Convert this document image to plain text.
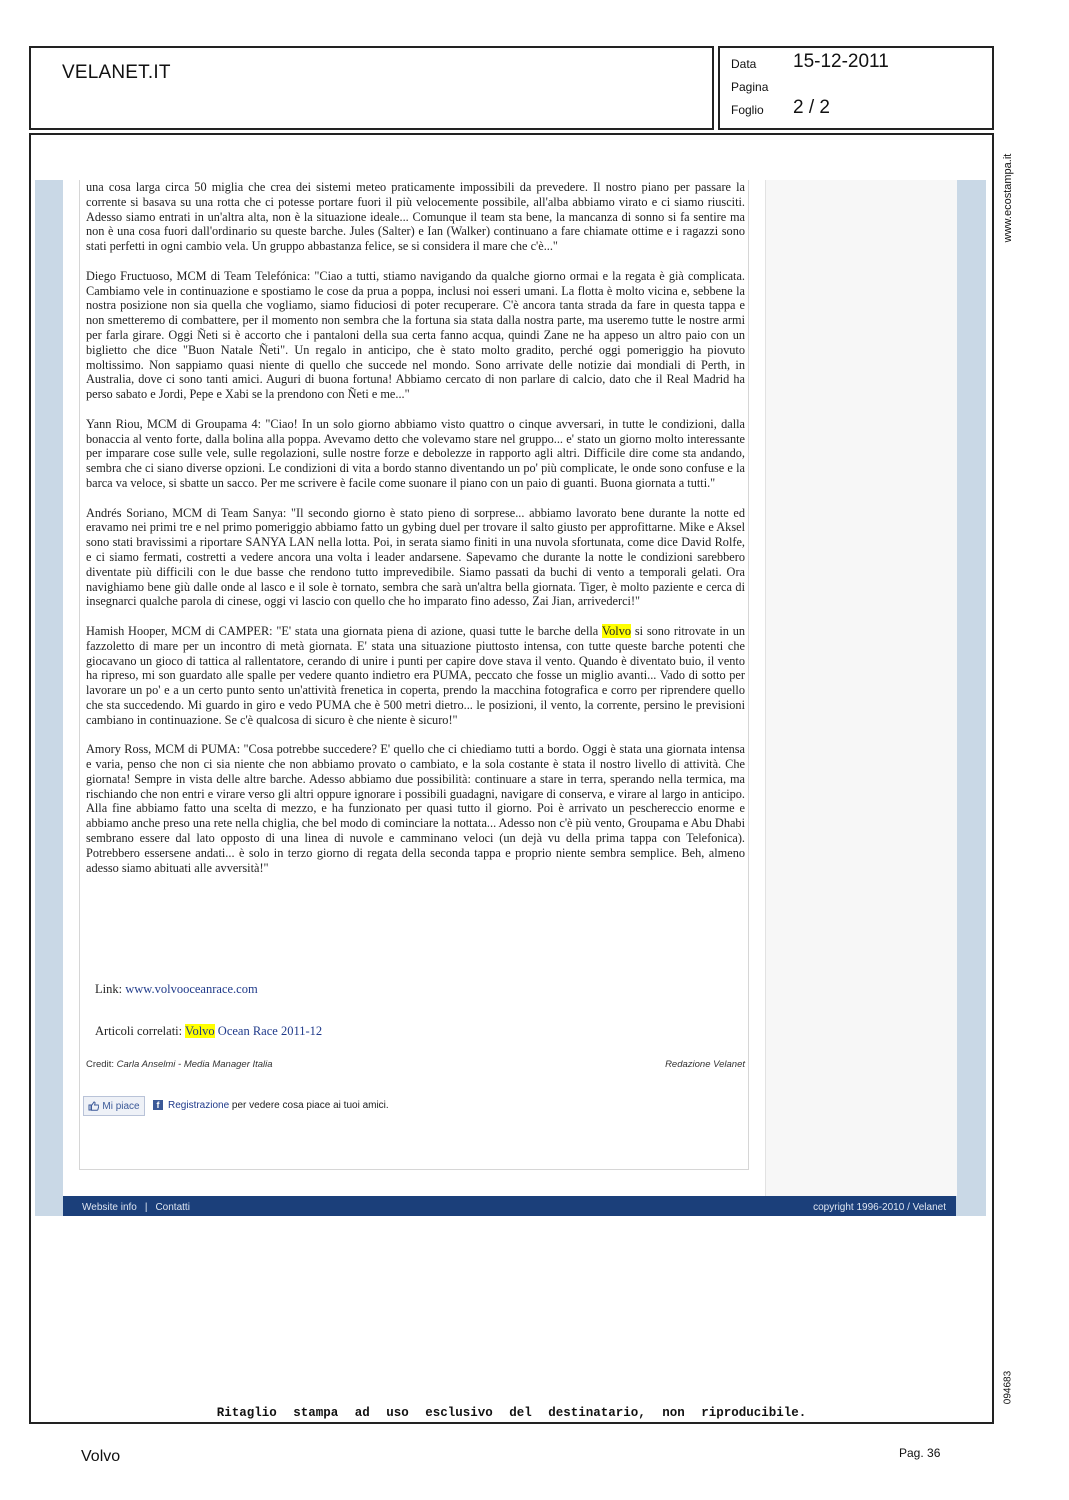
VELANET.IT	Data 15-12-2011
Pagina
Foglio 2 / 2
www.ecostampa.it
094683

una cosa larga circa 50 miglia che crea dei sistemi meteo praticamente impossibili da prevedere. Il nostro piano per passare la corrente si basava su una rotta che ci potesse portare fuori il più velocemente possibile, all'alba abbiamo virato e ci siamo riusciti. Adesso siamo entrati in un'altra alta, non è la situazione ideale... Comunque il team sta bene, la mancanza di sonno si fa sentire ma non è una cosa fuori dall'ordinario su queste barche. Jules (Salter) e Ian (Walker) continuano a fare chiamate ottime e i ragazzi sono stati perfetti in ogni cambio vela. Un gruppo abbastanza felice, se si considera il mare che c'è..."

Diego Fructuoso, MCM di Team Telefónica: "Ciao a tutti, stiamo navigando da qualche giorno ormai e la regata è già complicata. Cambiamo vele in continuazione e spostiamo le cose da prua a poppa, inclusi noi esseri umani. La flotta è molto vicina e, sebbene la nostra posizione non sia quella che vogliamo, siamo fiduciosi di poter recuperare. C'è ancora tanta strada da fare in questa tappa e non smetteremo di combattere, per il momento non sembra che la fortuna sia stata dalla nostra parte, ma useremo tutte le nostre armi per farla girare. Oggi Ñeti si è accorto che i pantaloni della sua certa fanno acqua, quindi Zane ne ha appeso un altro paio con un biglietto che dice "Buon Natale Ñeti". Un regalo in anticipo, che è stato molto gradito, perché oggi pomeriggio ha piovuto moltissimo. Non sappiamo quasi niente di quello che succede nel mondo. Sono arrivate delle notizie dai mondiali di Perth, in Australia, dove ci sono tanti amici. Auguri di buona fortuna! Abbiamo cercato di non parlare di calcio, dato che il Real Madrid ha perso sabato e Jordi, Pepe e Xabi se la prendono con Ñeti e me..."

Yann Riou, MCM di Groupama 4: "Ciao! In un solo giorno abbiamo visto quattro o cinque avversari, in tutte le condizioni, dalla bonaccia al vento forte, dalla bolina alla poppa. Avevamo detto che volevamo stare nel gruppo... e' stato un giorno molto interessante per imparare cose sulle vele, sulle regolazioni, sulle nostre forze e debolezze in rapporto agli altri. Difficile dire come sta andando, sembra che ci siano diverse opzioni. Le condizioni di vita a bordo stanno diventando un po' più complicate, le onde sono confuse e la barca va veloce, si sbatte un sacco. Per me scrivere è facile come suonare il piano con un paio di guanti. Buona giornata a tutti."

Andrés Soriano, MCM di Team Sanya: "Il secondo giorno è stato pieno di sorprese... abbiamo lavorato bene durante la notte ed eravamo nei primi tre e nel primo pomeriggio abbiamo fatto un gybing duel per trovare il salto giusto per approfittarne. Mike e Aksel sono stati bravissimi a riportare SANYA LAN nella lotta. Poi, in serata siamo finiti in una nuvola sfortunata, come dice David Rolfe, e ci siamo fermati, costretti a vedere ancora una volta i leader andarsene. Sapevamo che durante la notte le condizioni sarebbero diventate più difficili con le due basse che rendono tutto imprevedibile. Siamo passati da buchi di vento a temporali gelati. Ora navighiamo bene giù dalle onde al lasco e il sole è tornato, sembra che sarà un'altra bella giornata. Tiger, è molto paziente e cerca di insegnarci qualche parola di cinese, oggi vi lascio con quello che ho imparato fino adesso, Zai Jian, arrivederci!"

Hamish Hooper, MCM di CAMPER: "E' stata una giornata piena di azione, quasi tutte le barche della Volvo si sono ritrovate in un fazzoletto di mare per un incontro di metà giornata. E' stata una situazione piuttosto intensa, con tutte queste barche potenti che giocavano un gioco di tattica al rallentatore, cerando di unire i punti per capire dove stava il vento. Quando è diventato buio, il vento ha ripreso, mi son guardato alle spalle per vedere quanto indietro era PUMA, peccato che fosse un miglio avanti... Vado di sotto per lavorare un po' e a un certo punto sento un'attività frenetica in coperta, prendo la macchina fotografica e corro per riprendere quello che sta succedendo. Mi guardo in giro e vedo PUMA che è 500 metri dietro... le posizioni, il vento, la corrente, persino le previsioni cambiano in continuazione. Se c'è qualcosa di sicuro è che niente è sicuro!"

Amory Ross, MCM di PUMA: "Cosa potrebbe succedere? E' quello che ci chiediamo tutti a bordo. Oggi è stata una giornata intensa e varia, penso che non ci sia niente che non abbiamo provato o cambiato, e la sola costante è stata il nostro livello di attività. Che giornata! Sempre in vista delle altre barche. Adesso abbiamo due possibilità: continuare a stare in terra, sperando nella termica, ma rischiando che non entri e virare verso gli altri oppure ignorare i possibili guadagni, navigare di conserva, e virare al largo in anticipo. Alla fine abbiamo fatto una scelta di mezzo, e ha funzionato per quasi tutto il giorno. Poi è arrivato un peschereccio enorme e abbiamo anche preso una rete nella chiglia, che bel modo di cominciare la nottata... Adesso non c'è più vento, Groupama e Abu Dhabi sembrano essere dal lato opposto di una linea di nuvole e camminano veloci (un dejà vu della prima tappa con Telefonica). Potrebbero essersene andati... è solo in terzo giorno di regata della seconda tappa e proprio niente sembra semplice. Beh, almeno adesso siamo abituati alle avversità!"

Link: www.volvooceanrace.com
Articoli correlati: Volvo Ocean Race 2011-12
Credit: Carla Anselmi - Media Manager Italia	Redazione Velanet
Mi piace	f Registrazione per vedere cosa piace ai tuoi amici.
Website info | Contatti	copyright 1996-2010 / Velanet
Ritaglio stampa ad uso esclusivo del destinatario, non riproducibile.
Volvo	Pag. 36
